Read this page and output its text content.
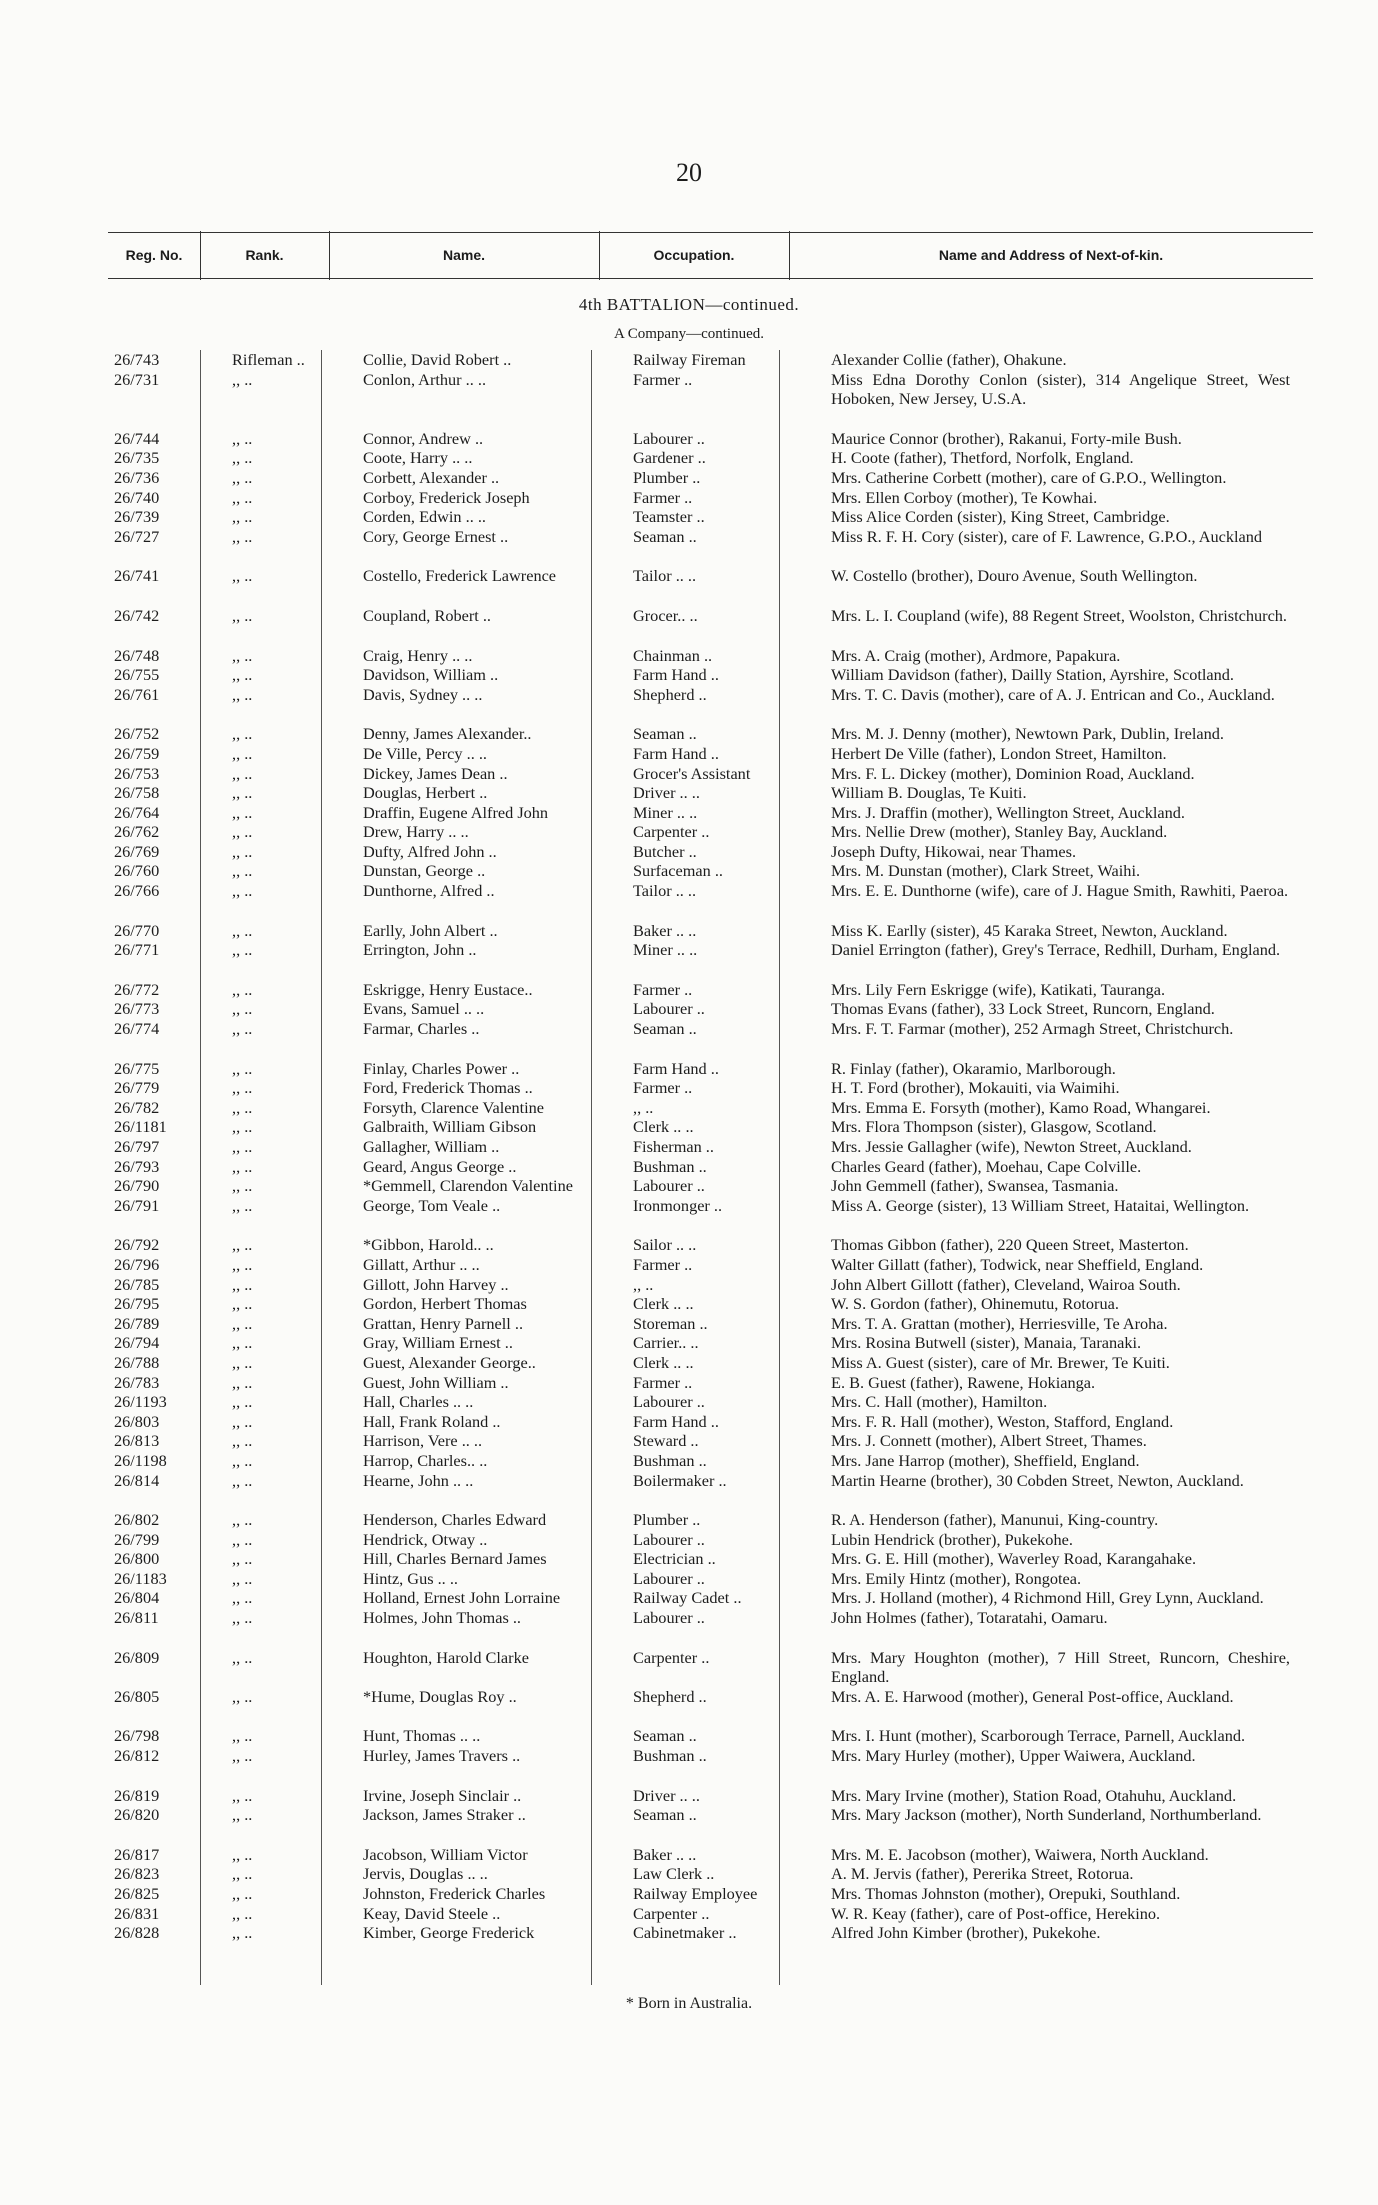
20
Reg. No.	Rank.	Name.	Occupation.	Name and Address of Next-of-kin.
4th BATTALION—continued.
A Company—continued.
26/743	Rifleman ..	Collie, David Robert ..	Railway Fireman	Alexander Collie (father), Ohakune.
26/731	,, ..	Conlon, Arthur .. ..	Farmer ..	Miss Edna Dorothy Conlon (sister), 314 Angelique Street, West Hoboken, New Jersey, U.S.A.
26/744	,, ..	Connor, Andrew ..	Labourer ..	Maurice Connor (brother), Rakanui, Forty-mile Bush.
26/735	,, ..	Coote, Harry .. ..	Gardener ..	H. Coote (father), Thetford, Norfolk, England.
26/736	,, ..	Corbett, Alexander ..	Plumber ..	Mrs. Catherine Corbett (mother), care of G.P.O., Wellington.
26/740	,, ..	Corboy, Frederick Joseph	Farmer ..	Mrs. Ellen Corboy (mother), Te Kowhai.
26/739	,, ..	Corden, Edwin .. ..	Teamster ..	Miss Alice Corden (sister), King Street, Cambridge.
26/727	,, ..	Cory, George Ernest ..	Seaman ..	Miss R. F. H. Cory (sister), care of F. Lawrence, G.P.O., Auckland
26/741	,, ..	Costello, Frederick Lawrence	Tailor .. ..	W. Costello (brother), Douro Avenue, South Wellington.
26/742	,, ..	Coupland, Robert ..	Grocer.. ..	Mrs. L. I. Coupland (wife), 88 Regent Street, Woolston, Christchurch.
26/748	,, ..	Craig, Henry .. ..	Chainman ..	Mrs. A. Craig (mother), Ardmore, Papakura.
26/755	,, ..	Davidson, William ..	Farm Hand ..	William Davidson (father), Dailly Station, Ayrshire, Scotland.
26/761	,, ..	Davis, Sydney .. ..	Shepherd ..	Mrs. T. C. Davis (mother), care of A. J. Entrican and Co., Auckland.
26/752	,, ..	Denny, James Alexander..	Seaman ..	Mrs. M. J. Denny (mother), Newtown Park, Dublin, Ireland.
26/759	,, ..	De Ville, Percy .. ..	Farm Hand ..	Herbert De Ville (father), London Street, Hamilton.
26/753	,, ..	Dickey, James Dean ..	Grocer's Assistant	Mrs. F. L. Dickey (mother), Dominion Road, Auckland.
26/758	,, ..	Douglas, Herbert ..	Driver .. ..	William B. Douglas, Te Kuiti.
26/764	,, ..	Draffin, Eugene Alfred John	Miner .. ..	Mrs. J. Draffin (mother), Wellington Street, Auckland.
26/762	,, ..	Drew, Harry .. ..	Carpenter ..	Mrs. Nellie Drew (mother), Stanley Bay, Auckland.
26/769	,, ..	Dufty, Alfred John ..	Butcher ..	Joseph Dufty, Hikowai, near Thames.
26/760	,, ..	Dunstan, George ..	Surfaceman ..	Mrs. M. Dunstan (mother), Clark Street, Waihi.
26/766	,, ..	Dunthorne, Alfred ..	Tailor .. ..	Mrs. E. E. Dunthorne (wife), care of J. Hague Smith, Rawhiti, Paeroa.
26/770	,, ..	Earlly, John Albert ..	Baker .. ..	Miss K. Earlly (sister), 45 Karaka Street, Newton, Auckland.
26/771	,, ..	Errington, John ..	Miner .. ..	Daniel Errington (father), Grey's Terrace, Redhill, Durham, England.
26/772	,, ..	Eskrigge, Henry Eustace..	Farmer ..	Mrs. Lily Fern Eskrigge (wife), Katikati, Tauranga.
26/773	,, ..	Evans, Samuel .. ..	Labourer ..	Thomas Evans (father), 33 Lock Street, Runcorn, England.
26/774	,, ..	Farmar, Charles ..	Seaman ..	Mrs. F. T. Farmar (mother), 252 Armagh Street, Christchurch.
26/775	,, ..	Finlay, Charles Power ..	Farm Hand ..	R. Finlay (father), Okaramio, Marlborough.
26/779	,, ..	Ford, Frederick Thomas ..	Farmer ..	H. T. Ford (brother), Mokauiti, via Waimihi.
26/782	,, ..	Forsyth, Clarence Valentine	,, ..	Mrs. Emma E. Forsyth (mother), Kamo Road, Whangarei.
26/1181	,, ..	Galbraith, William Gibson	Clerk .. ..	Mrs. Flora Thompson (sister), Glasgow, Scotland.
26/797	,, ..	Gallagher, William ..	Fisherman ..	Mrs. Jessie Gallagher (wife), Newton Street, Auckland.
26/793	,, ..	Geard, Angus George ..	Bushman ..	Charles Geard (father), Moehau, Cape Colville.
26/790	,, ..	*Gemmell, Clarendon Valentine	Labourer ..	John Gemmell (father), Swansea, Tasmania.
26/791	,, ..	George, Tom Veale ..	Ironmonger ..	Miss A. George (sister), 13 William Street, Hataitai, Wellington.
26/792	,, ..	*Gibbon, Harold.. ..	Sailor .. ..	Thomas Gibbon (father), 220 Queen Street, Masterton.
26/796	,, ..	Gillatt, Arthur .. ..	Farmer ..	Walter Gillatt (father), Todwick, near Sheffield, England.
26/785	,, ..	Gillott, John Harvey ..	,, ..	John Albert Gillott (father), Cleveland, Wairoa South.
26/795	,, ..	Gordon, Herbert Thomas	Clerk .. ..	W. S. Gordon (father), Ohinemutu, Rotorua.
26/789	,, ..	Grattan, Henry Parnell ..	Storeman ..	Mrs. T. A. Grattan (mother), Herriesville, Te Aroha.
26/794	,, ..	Gray, William Ernest ..	Carrier.. ..	Mrs. Rosina Butwell (sister), Manaia, Taranaki.
26/788	,, ..	Guest, Alexander George..	Clerk .. ..	Miss A. Guest (sister), care of Mr. Brewer, Te Kuiti.
26/783	,, ..	Guest, John William ..	Farmer ..	E. B. Guest (father), Rawene, Hokianga.
26/1193	,, ..	Hall, Charles .. ..	Labourer ..	Mrs. C. Hall (mother), Hamilton.
26/803	,, ..	Hall, Frank Roland ..	Farm Hand ..	Mrs. F. R. Hall (mother), Weston, Stafford, England.
26/813	,, ..	Harrison, Vere .. ..	Steward ..	Mrs. J. Connett (mother), Albert Street, Thames.
26/1198	,, ..	Harrop, Charles.. ..	Bushman ..	Mrs. Jane Harrop (mother), Sheffield, England.
26/814	,, ..	Hearne, John .. ..	Boilermaker ..	Martin Hearne (brother), 30 Cobden Street, Newton, Auckland.
26/802	,, ..	Henderson, Charles Edward	Plumber ..	R. A. Henderson (father), Manunui, King-country.
26/799	,, ..	Hendrick, Otway ..	Labourer ..	Lubin Hendrick (brother), Pukekohe.
26/800	,, ..	Hill, Charles Bernard James	Electrician ..	Mrs. G. E. Hill (mother), Waverley Road, Karangahake.
26/1183	,, ..	Hintz, Gus .. ..	Labourer ..	Mrs. Emily Hintz (mother), Rongotea.
26/804	,, ..	Holland, Ernest John Lorraine	Railway Cadet ..	Mrs. J. Holland (mother), 4 Richmond Hill, Grey Lynn, Auckland.
26/811	,, ..	Holmes, John Thomas ..	Labourer ..	John Holmes (father), Totaratahi, Oamaru.
26/809	,, ..	Houghton, Harold Clarke	Carpenter ..	Mrs. Mary Houghton (mother), 7 Hill Street, Runcorn, Cheshire, England.
26/805	,, ..	*Hume, Douglas Roy ..	Shepherd ..	Mrs. A. E. Harwood (mother), General Post-office, Auckland.
26/798	,, ..	Hunt, Thomas .. ..	Seaman ..	Mrs. I. Hunt (mother), Scarborough Terrace, Parnell, Auckland.
26/812	,, ..	Hurley, James Travers ..	Bushman ..	Mrs. Mary Hurley (mother), Upper Waiwera, Auckland.
26/819	,, ..	Irvine, Joseph Sinclair ..	Driver .. ..	Mrs. Mary Irvine (mother), Station Road, Otahuhu, Auckland.
26/820	,, ..	Jackson, James Straker ..	Seaman ..	Mrs. Mary Jackson (mother), North Sunderland, Northumberland.
26/817	,, ..	Jacobson, William Victor	Baker .. ..	Mrs. M. E. Jacobson (mother), Waiwera, North Auckland.
26/823	,, ..	Jervis, Douglas .. ..	Law Clerk ..	A. M. Jervis (father), Pererika Street, Rotorua.
26/825	,, ..	Johnston, Frederick Charles	Railway Employee	Mrs. Thomas Johnston (mother), Orepuki, Southland.
26/831	,, ..	Keay, David Steele ..	Carpenter ..	W. R. Keay (father), care of Post-office, Herekino.
26/828	,, ..	Kimber, George Frederick	Cabinetmaker ..	Alfred John Kimber (brother), Pukekohe.
* Born in Australia.
